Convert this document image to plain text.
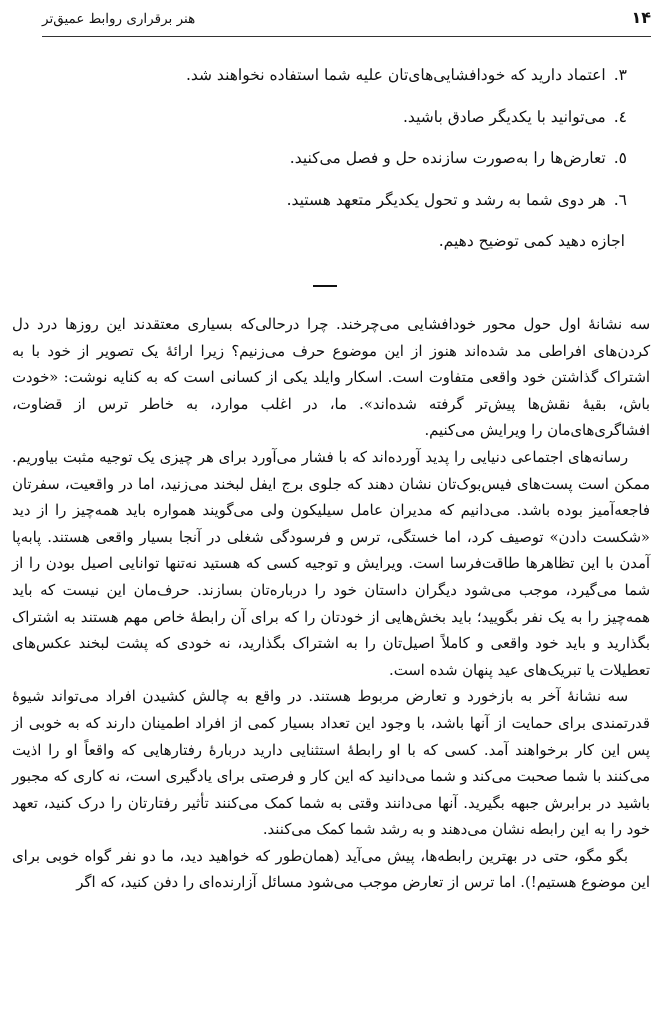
۱۴
هنر برقراری روابط عمیق‌تر
۳.اعتماد دارید که خودافشایی‌های‌تان علیه شما استفاده نخواهند شد.
٤.می‌توانید با یکدیگر صادق باشید.
٥.تعارض‌ها را به‌صورت سازنده حل و فصل می‌کنید.
٦.هر دوی شما به رشد و تحول یکدیگر متعهد هستید.
اجازه دهید کمی توضیح دهیم.

سه نشانهٔ اول حول محور خودافشایی می‌چرخند. چرا درحالی‌که بسیاری معتقدند این روزها درد دل کردن‌های افراطی مد شده‌اند هنوز از این موضوع حرف می‌زنیم؟ زیرا ارائهٔ یک تصویر از خود با به اشتراک گذاشتن خود واقعی متفاوت است. اسکار وایلد یکی از کسانی است که به کنایه نوشت: «خودت باش، بقیهٔ نقش‌ها پیش‌تر گرفته شده‌اند». ما، در اغلب موارد، به خاطر ترس از قضاوت، افشاگری‌های‌مان را ویرایش می‌کنیم.

رسانه‌های اجتماعی دنیایی را پدید آورده‌اند که با فشار می‌آورد برای هر چیزی یک توجیه مثبت بیاوریم. ممکن است پست‌های فیس‌بوک‌تان نشان دهند که جلوی برج ایفل لبخند می‌زنید، اما در واقعیت، سفرتان فاجعه‌آمیز بوده باشد. می‌دانیم که مدیران عامل سیلیکون ولی می‌گویند همواره باید همه‌چیز را از دید «شکست دادن» توصیف کرد، اما خستگی، ترس و فرسودگی شغلی در آنجا بسیار واقعی هستند. پابه‌پا آمدن با این تظاهرها طاقت‌فرسا است. ویرایش و توجیه کسی که هستید نه‌تنها توانایی اصیل بودن را از شما می‌گیرد، موجب می‌شود دیگران داستان خود را درباره‌تان بسازند. حرف‌مان این نیست که باید همه‌چیز را به یک نفر بگویید؛ باید بخش‌هایی از خودتان را که برای آن رابطهٔ خاص مهم هستند به اشتراک بگذارید و باید خود واقعی و کاملاً اصیل‌تان را به اشتراک بگذارید، نه خودی که پشت لبخند عکس‌های تعطیلات یا تبریک‌های عید پنهان شده است.

سه نشانهٔ آخر به بازخورد و تعارض مربوط هستند. در واقع به چالش کشیدن افراد می‌تواند شیوهٔ قدرتمندی برای حمایت از آنها باشد، با وجود این تعداد بسیار کمی از افراد اطمینان دارند که به خوبی از پس این کار برخواهند آمد. کسی که با او رابطهٔ استثنایی دارید دربارهٔ رفتارهایی که واقعاً او را اذیت می‌کنند با شما صحبت می‌کند و شما می‌دانید که این کار و فرصتی برای یادگیری است، نه کاری که مجبور باشید در برابرش جبهه بگیرید. آنها می‌دانند وقتی به شما کمک می‌کنند تأثیر رفتارتان را درک کنید، تعهد خود را به این رابطه نشان می‌دهند و به رشد شما کمک می‌کنند.

بگو مگو، حتی در بهترین رابطه‌ها، پیش می‌آید (همان‌طور که خواهید دید، ما دو نفر گواه خوبی برای این موضوع هستیم!). اما ترس از تعارض موجب می‌شود مسائل آزارنده‌ای را دفن کنید، که اگر
